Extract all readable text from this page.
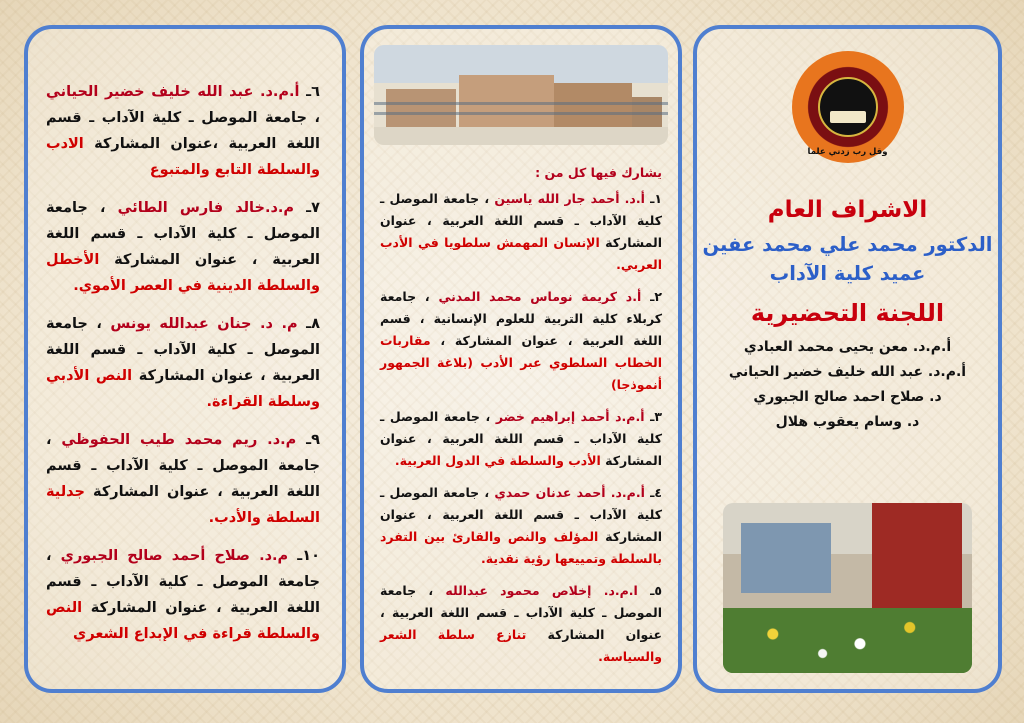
٦ـ أ.م.د. عبد الله خليف خضير الحياني ، جامعة الموصل ـ كلية الآداب ـ قسم اللغة العربية ،عنوان المشاركة الادب والسلطة التابع والمتبوع
٧ـ م.د.خالد فارس الطائي ، جامعة الموصل ـ كلية الآداب ـ قسم اللغة العربية ، عنوان المشاركة الأخطل والسلطة الدينية في العصر الأموي.
٨ـ م. د. جنان عبدالله يونس ، جامعة الموصل ـ كلية الآداب ـ قسم اللغة العربية ، عنوان المشاركة النص الأدبي وسلطة القراءة.
٩ـ م.د. ريم محمد طيب الحفوظي ، جامعة الموصل ـ كلية الآداب ـ قسم اللغة العربية ، عنوان المشاركة جدلية السلطة والأدب.
١٠ـ م.د. صلاح أحمد صالح الجبوري ، جامعة الموصل ـ كلية الآداب ـ قسم اللغة العربية ، عنوان المشاركة النص والسلطة قراءة في الإبداع الشعري
يشارك فيها كل من :
١ـ أ.د. أحمد جار الله ياسين ، جامعة الموصل ـ كلية الآداب ـ قسم اللغة العربية ، عنوان المشاركة الإنسان المهمش سلطويا في الأدب العربي.
٢ـ أ.د كريمة نوماس محمد المدني ، جامعة كربلاء كلية التربية للعلوم الإنسانية ، قسم اللغة العربية ، عنوان المشاركة ، مقاربات الخطاب السلطوي عبر الأدب (بلاغة الجمهور أنموذجا)
٣ـ أ.م.د أحمد إبراهيم خضر ، جامعة الموصل ـ كلية الآداب ـ قسم اللغة العربية ، عنوان المشاركة الأدب والسلطة في الدول العربية.
٤ـ أ.م.د. أحمد عدنان حمدي ، جامعة الموصل ـ كلية الآداب ـ قسم اللغة العربية ، عنوان المشاركة المؤلف والنص والقارئ بين التفرد بالسلطة وتمييعها رؤية نقدية.
٥ـ ا.م.د. إخلاص محمود عبدالله ، جامعة الموصل ـ كلية الآداب ـ قسم اللغة العربية ، عنوان المشاركة تنازع سلطة الشعر والسياسة.
وقل رب زدني علما
الاشراف العام
الدكتور محمد علي محمد عفين
عميد كلية الآداب
اللجنة التحضيرية
أ.م.د. معن يحيى محمد العبادي
أ.م.د. عبد الله خليف خضير الحياني
د. صلاح احمد صالح الجبوري
د. وسام يعقوب هلال
